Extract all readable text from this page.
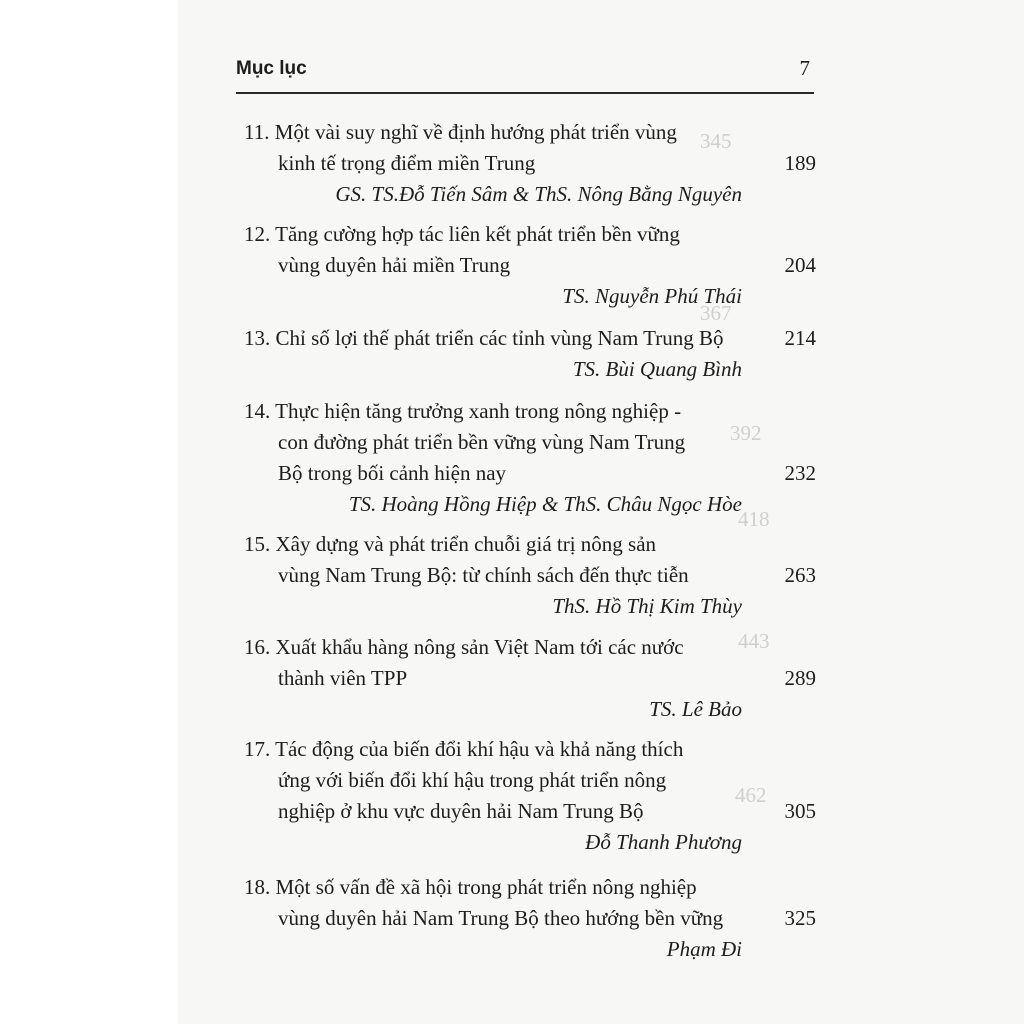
345
367
392
418
443
462
Mục lục	7
11. Một vài suy nghĩ về định hướng phát triển vùng
kinh tế trọng điểm miền Trung	189
GS. TS.Đỗ Tiến Sâm & ThS. Nông Bằng Nguyên
12. Tăng cường hợp tác liên kết phát triển bền vững
vùng duyên hải miền Trung	204
TS. Nguyễn Phú Thái
13. Chỉ số lợi thế phát triển các tỉnh vùng Nam Trung Bộ	214
TS. Bùi Quang Bình
14. Thực hiện tăng trưởng xanh trong nông nghiệp -
con đường phát triển bền vững vùng Nam Trung
Bộ trong bối cảnh hiện nay	232
TS. Hoàng Hồng Hiệp & ThS. Châu Ngọc Hòe
15. Xây dựng và phát triển chuỗi giá trị nông sản
vùng Nam Trung Bộ: từ chính sách đến thực tiễn	263
ThS. Hồ Thị Kim Thùy
16. Xuất khẩu hàng nông sản Việt Nam tới các nước
thành viên TPP	289
TS. Lê Bảo
17. Tác động của biến đổi khí hậu và khả năng thích
ứng với biến đổi khí hậu trong phát triển nông
nghiệp ở khu vực duyên hải Nam Trung Bộ	305
Đỗ Thanh Phương
18. Một số vấn đề xã hội trong phát triển nông nghiệp
vùng duyên hải Nam Trung Bộ theo hướng bền vững	325
Phạm Đi
